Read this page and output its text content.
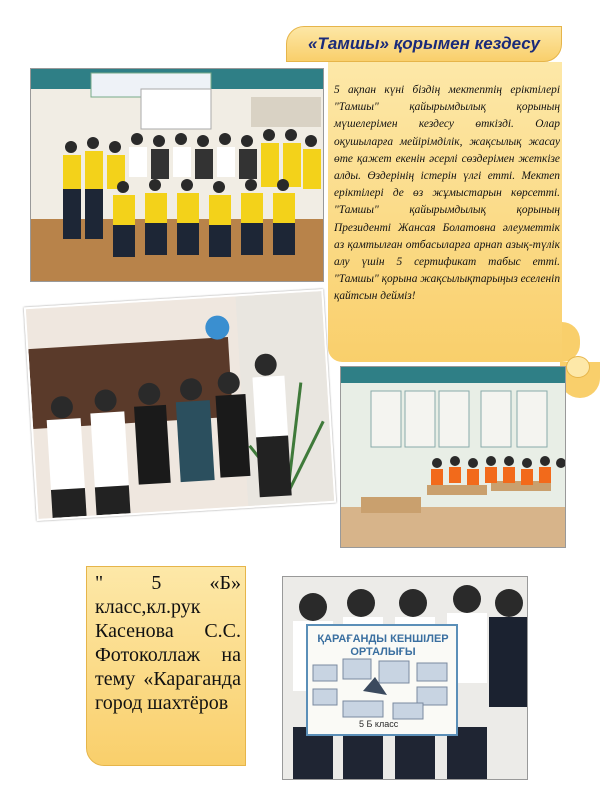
«Тамшы» қорымен кездесу

5 ақпан күні біздің мектептің еріктілері "Тамшы" қайырымдылық қорының мүшелерімен кездесу өткізді. Олар оқушыларға мейірімділік, жақсылық жасау өте қажет екенін әсерлі сөздерімен жеткізе алды. Өздерінің істерін үлгі етті. Мектеп еріктілері де өз жұмыстарын көрсетті. "Тамшы" қайырымдылық қорының Президенті Жансая Болатовна әлеуметтік аз қамтылған отбасыларға арнап азық-түлік алу үшін 5 сертификат табыс етті. "Тамшы" қорына жақсылықтарыңыз еселеніп қайтсын дейміз!

ҚАРАҒАНДЫ КЕНШІЛЕР ОРТАЛЫҒЫ
5 Б класс

" 5 «Б» класс,кл.рук Касенова С.С. Фотоколлаж на тему «Караганда город шахтёров
